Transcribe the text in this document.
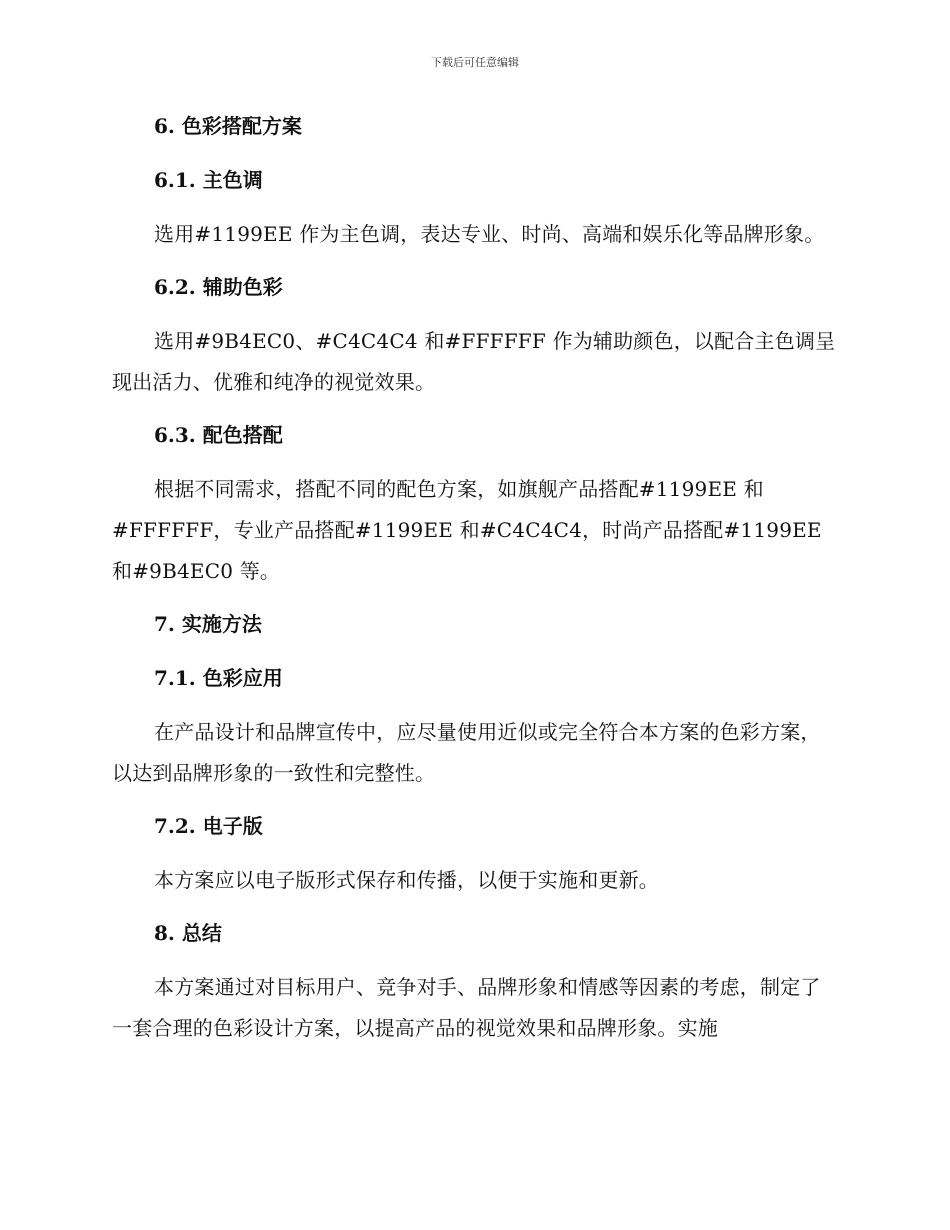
下载后可任意编辑
6. 色彩搭配方案
6.1. 主色调
选用#1199EE 作为主色调，表达专业、时尚、高端和娱乐化等品牌形象。
6.2. 辅助色彩
选用#9B4EC0、#C4C4C4 和#FFFFFF 作为辅助颜色，以配合主色调呈现出活力、优雅和纯净的视觉效果。
6.3. 配色搭配
根据不同需求，搭配不同的配色方案，如旗舰产品搭配#1199EE 和#FFFFFF，专业产品搭配#1199EE 和#C4C4C4，时尚产品搭配#1199EE 和#9B4EC0 等。
7. 实施方法
7.1. 色彩应用
在产品设计和品牌宣传中，应尽量使用近似或完全符合本方案的色彩方案，以达到品牌形象的一致性和完整性。
7.2. 电子版
本方案应以电子版形式保存和传播，以便于实施和更新。
8. 总结
本方案通过对目标用户、竞争对手、品牌形象和情感等因素的考虑，制定了一套合理的色彩设计方案，以提高产品的视觉效果和品牌形象。实施
